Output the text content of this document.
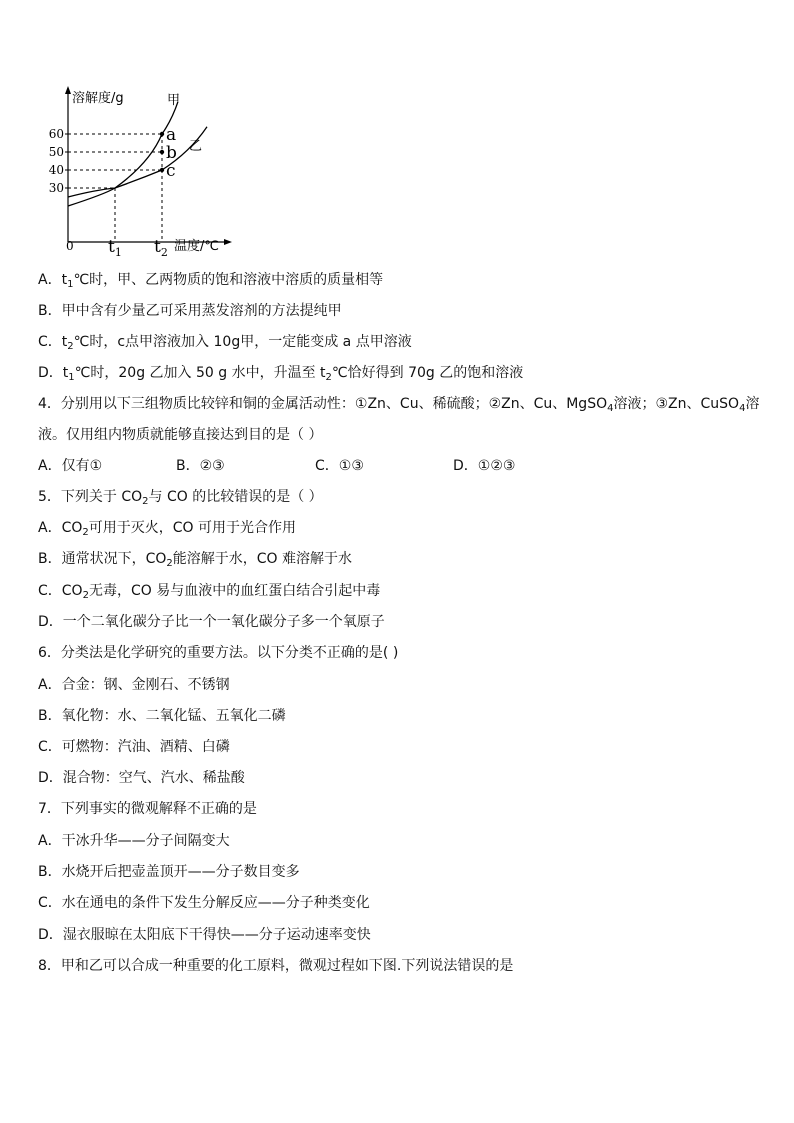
溶解度/g
温度/℃
0
30
40
50
60
甲
乙
a
b
c
$t_1$ $t_2$
A．$t_1℃$时，甲、乙两物质的饱和溶液中溶质的质量相等
B．甲中含有少量乙可采用蒸发溶剂的方法提纯甲
C．$t_2℃$时，c点甲溶液加入 10g甲，一定能变成 a 点甲溶液
D．$t_1℃$时，20g 乙加入 50 g 水中，升温至 $t_2℃$恰好得到 70g 乙的饱和溶液
4．分别用以下三组物质比较锌和铜的金属活动性：①Zn、Cu、稀硫酸；②Zn、Cu、MgSO$_4$溶液；③Zn、CuSO$_4$溶
液。仅用组内物质就能够直接达到目的是（ ）
A．仅有①	B．②③	C．①③	D．①②③
5．下列关于 $CO_2$与 CO 的比较错误的是（ ）
A．$CO_2$可用于灭火，CO 可用于光合作用
B．通常状况下，$CO_2$能溶解于水，CO 难溶解于水
C．$CO_2$无毒，CO 易与血液中的血红蛋白结合引起中毒
D．一个二氧化碳分子比一个一氧化碳分子多一个氧原子
6．分类法是化学研究的重要方法。以下分类不正确的是( )
A．合金：钢、金刚石、不锈钢
B．氧化物：水、二氧化锰、五氧化二磷
C．可燃物：汽油、酒精、白磷
D．混合物：空气、汽水、稀盐酸
7．下列事实的微观解释不正确的是
A．干冰升华——分子间隔变大
B．水烧开后把壶盖顶开——分子数目变多
C．水在通电的条件下发生分解反应——分子种类变化
D．湿衣服晾在太阳底下干得快——分子运动速率变快
8．甲和乙可以合成一种重要的化工原料，微观过程如下图.下列说法错误的是
